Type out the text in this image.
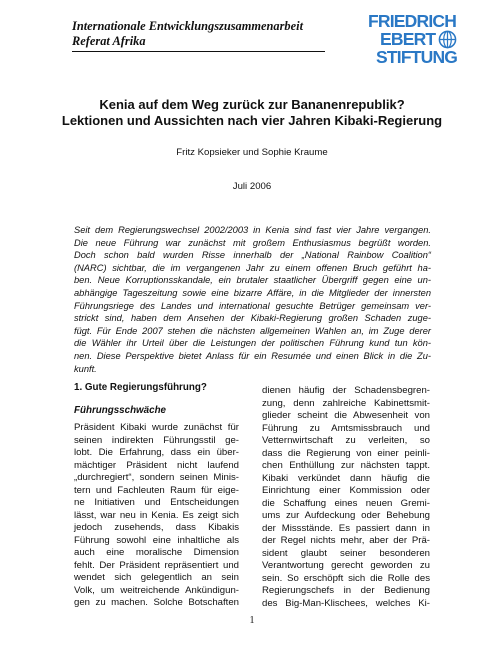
Internationale Entwicklungszusammenarbeit
Referat Afrika
FRIEDRICH
EBERT
STIFTUNG
Kenia auf dem Weg zurück zur Bananenrepublik?
Lektionen und Aussichten nach vier Jahren Kibaki-Regierung
Fritz Kopsieker und Sophie Kraume
Juli 2006
Seit dem Regierungswechsel 2002/2003 in Kenia sind fast vier Jahre vergangen.
Die neue Führung war zunächst mit großem Enthusiasmus begrüßt worden.
Doch schon bald wurden Risse innerhalb der „National Rainbow Coalition“
(NARC) sichtbar, die im vergangenen Jahr zu einem offenen Bruch geführt ha-
ben. Neue Korruptionsskandale, ein brutaler staatlicher Übergriff gegen eine un-
abhängige Tageszeitung sowie eine bizarre Affäre, in die Mitglieder der innersten
Führungsriege des Landes und international gesuchte Betrüger gemeinsam ver-
strickt sind, haben dem Ansehen der Kibaki-Regierung großen Schaden zuge-
fügt. Für Ende 2007 stehen die nächsten allgemeinen Wahlen an, im Zuge derer
die Wähler ihr Urteil über die Leistungen der politischen Führung kund tun kön-
nen. Diese Perspektive bietet Anlass für ein Resumée und einen Blick in die Zu-
kunft.
1. Gute Regierungsführung?
Führungsschwäche
Präsident Kibaki wurde zunächst für
seinen indirekten Führungsstil ge-
lobt. Die Erfahrung, dass ein über-
mächtiger Präsident nicht laufend
„durchregiert“, sondern seinen Minis-
tern und Fachleuten Raum für eige-
ne Initiativen und Entscheidungen
lässt, war neu in Kenia. Es zeigt sich
jedoch zusehends, dass Kibakis
Führung sowohl eine inhaltliche als
auch eine moralische Dimension
fehlt. Der Präsident repräsentiert und
wendet sich gelegentlich an sein
Volk, um weitreichende Ankündigun-
gen zu machen. Solche Botschaften
dienen häufig der Schadensbegren-
zung, denn zahlreiche Kabinettsmit-
glieder scheint die Abwesenheit von
Führung zu Amtsmissbrauch und
Vetternwirtschaft zu verleiten, so
dass die Regierung von einer peinli-
chen Enthüllung zur nächsten tappt.
Kibaki verkündet dann häufig die
Einrichtung einer Kommission oder
die Schaffung eines neuen Gremi-
ums zur Aufdeckung oder Behebung
der Missstände. Es passiert dann in
der Regel nichts mehr, aber der Prä-
sident glaubt seiner besonderen
Verantwortung gerecht geworden zu
sein. So erschöpft sich die Rolle des
Regierungschefs in der Bedienung
des Big-Man-Klischees, welches Ki-
1
